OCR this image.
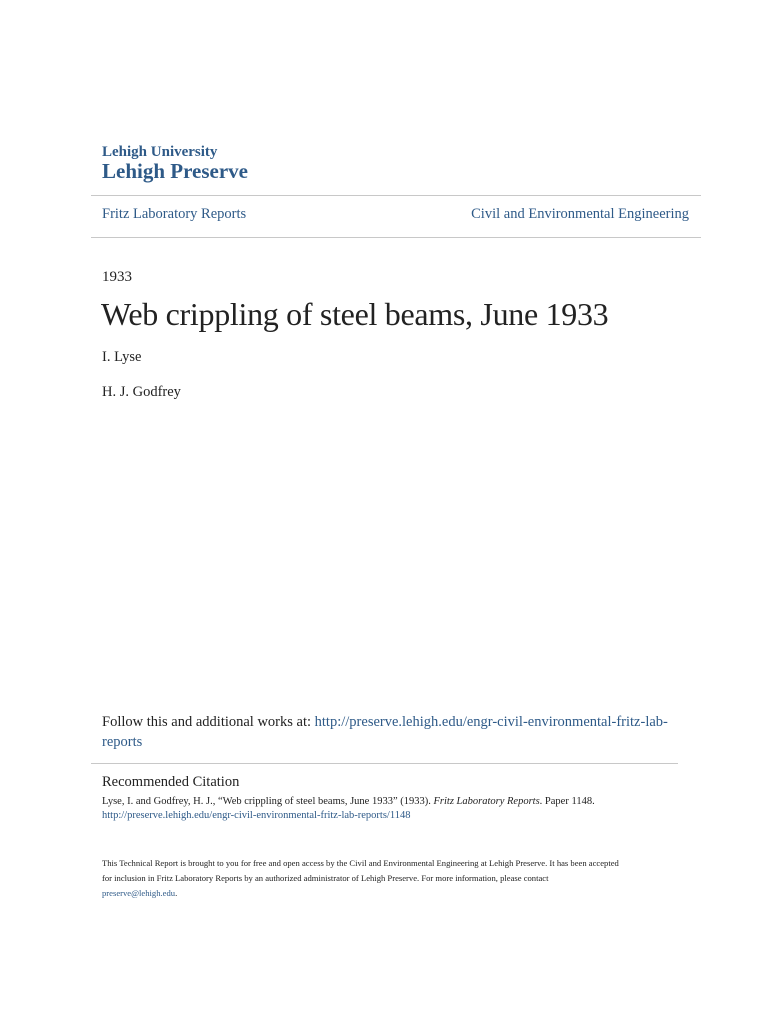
Lehigh University
Lehigh Preserve
Fritz Laboratory Reports	Civil and Environmental Engineering
1933
Web crippling of steel beams, June 1933
I. Lyse
H. J. Godfrey
Follow this and additional works at: http://preserve.lehigh.edu/engr-civil-environmental-fritz-lab-
reports
Recommended Citation
Lyse, I. and Godfrey, H. J., “Web crippling of steel beams, June 1933” (1933). Fritz Laboratory Reports. Paper 1148.
http://preserve.lehigh.edu/engr-civil-environmental-fritz-lab-reports/1148
This Technical Report is brought to you for free and open access by the Civil and Environmental Engineering at Lehigh Preserve. It has been accepted
for inclusion in Fritz Laboratory Reports by an authorized administrator of Lehigh Preserve. For more information, please contact
preserve@lehigh.edu.
